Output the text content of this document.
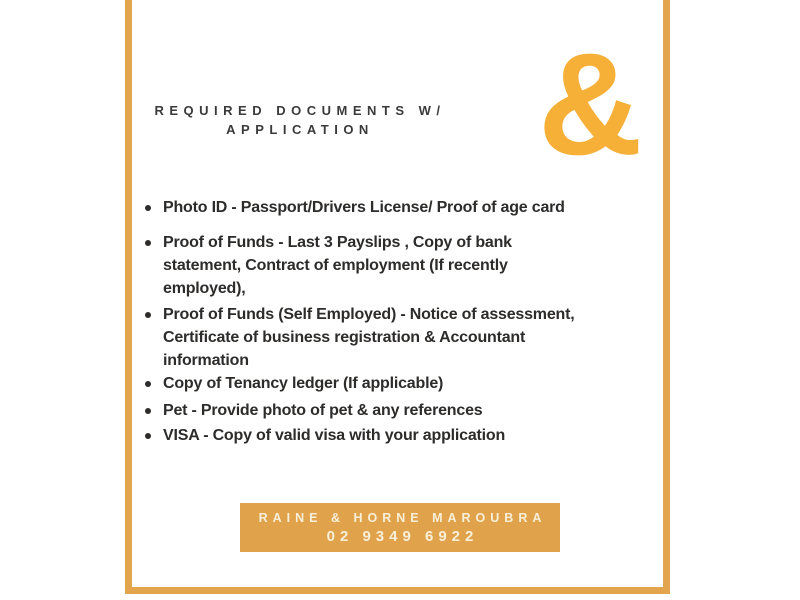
REQUIRED DOCUMENTS W/
APPLICATION	&
Photo ID - Passport/Drivers License/ Proof of age card
Proof of Funds - Last 3 Payslips , Copy of bank
statement, Contract of employment (If recently
employed),
Proof of Funds (Self Employed) - Notice of assessment,
Certificate of business registration & Accountant
information
Copy of Tenancy ledger (If applicable)
Pet - Provide photo of pet & any references
VISA - Copy of valid visa with your application
RAINE & HORNE MAROUBRA
02 9349 6922
